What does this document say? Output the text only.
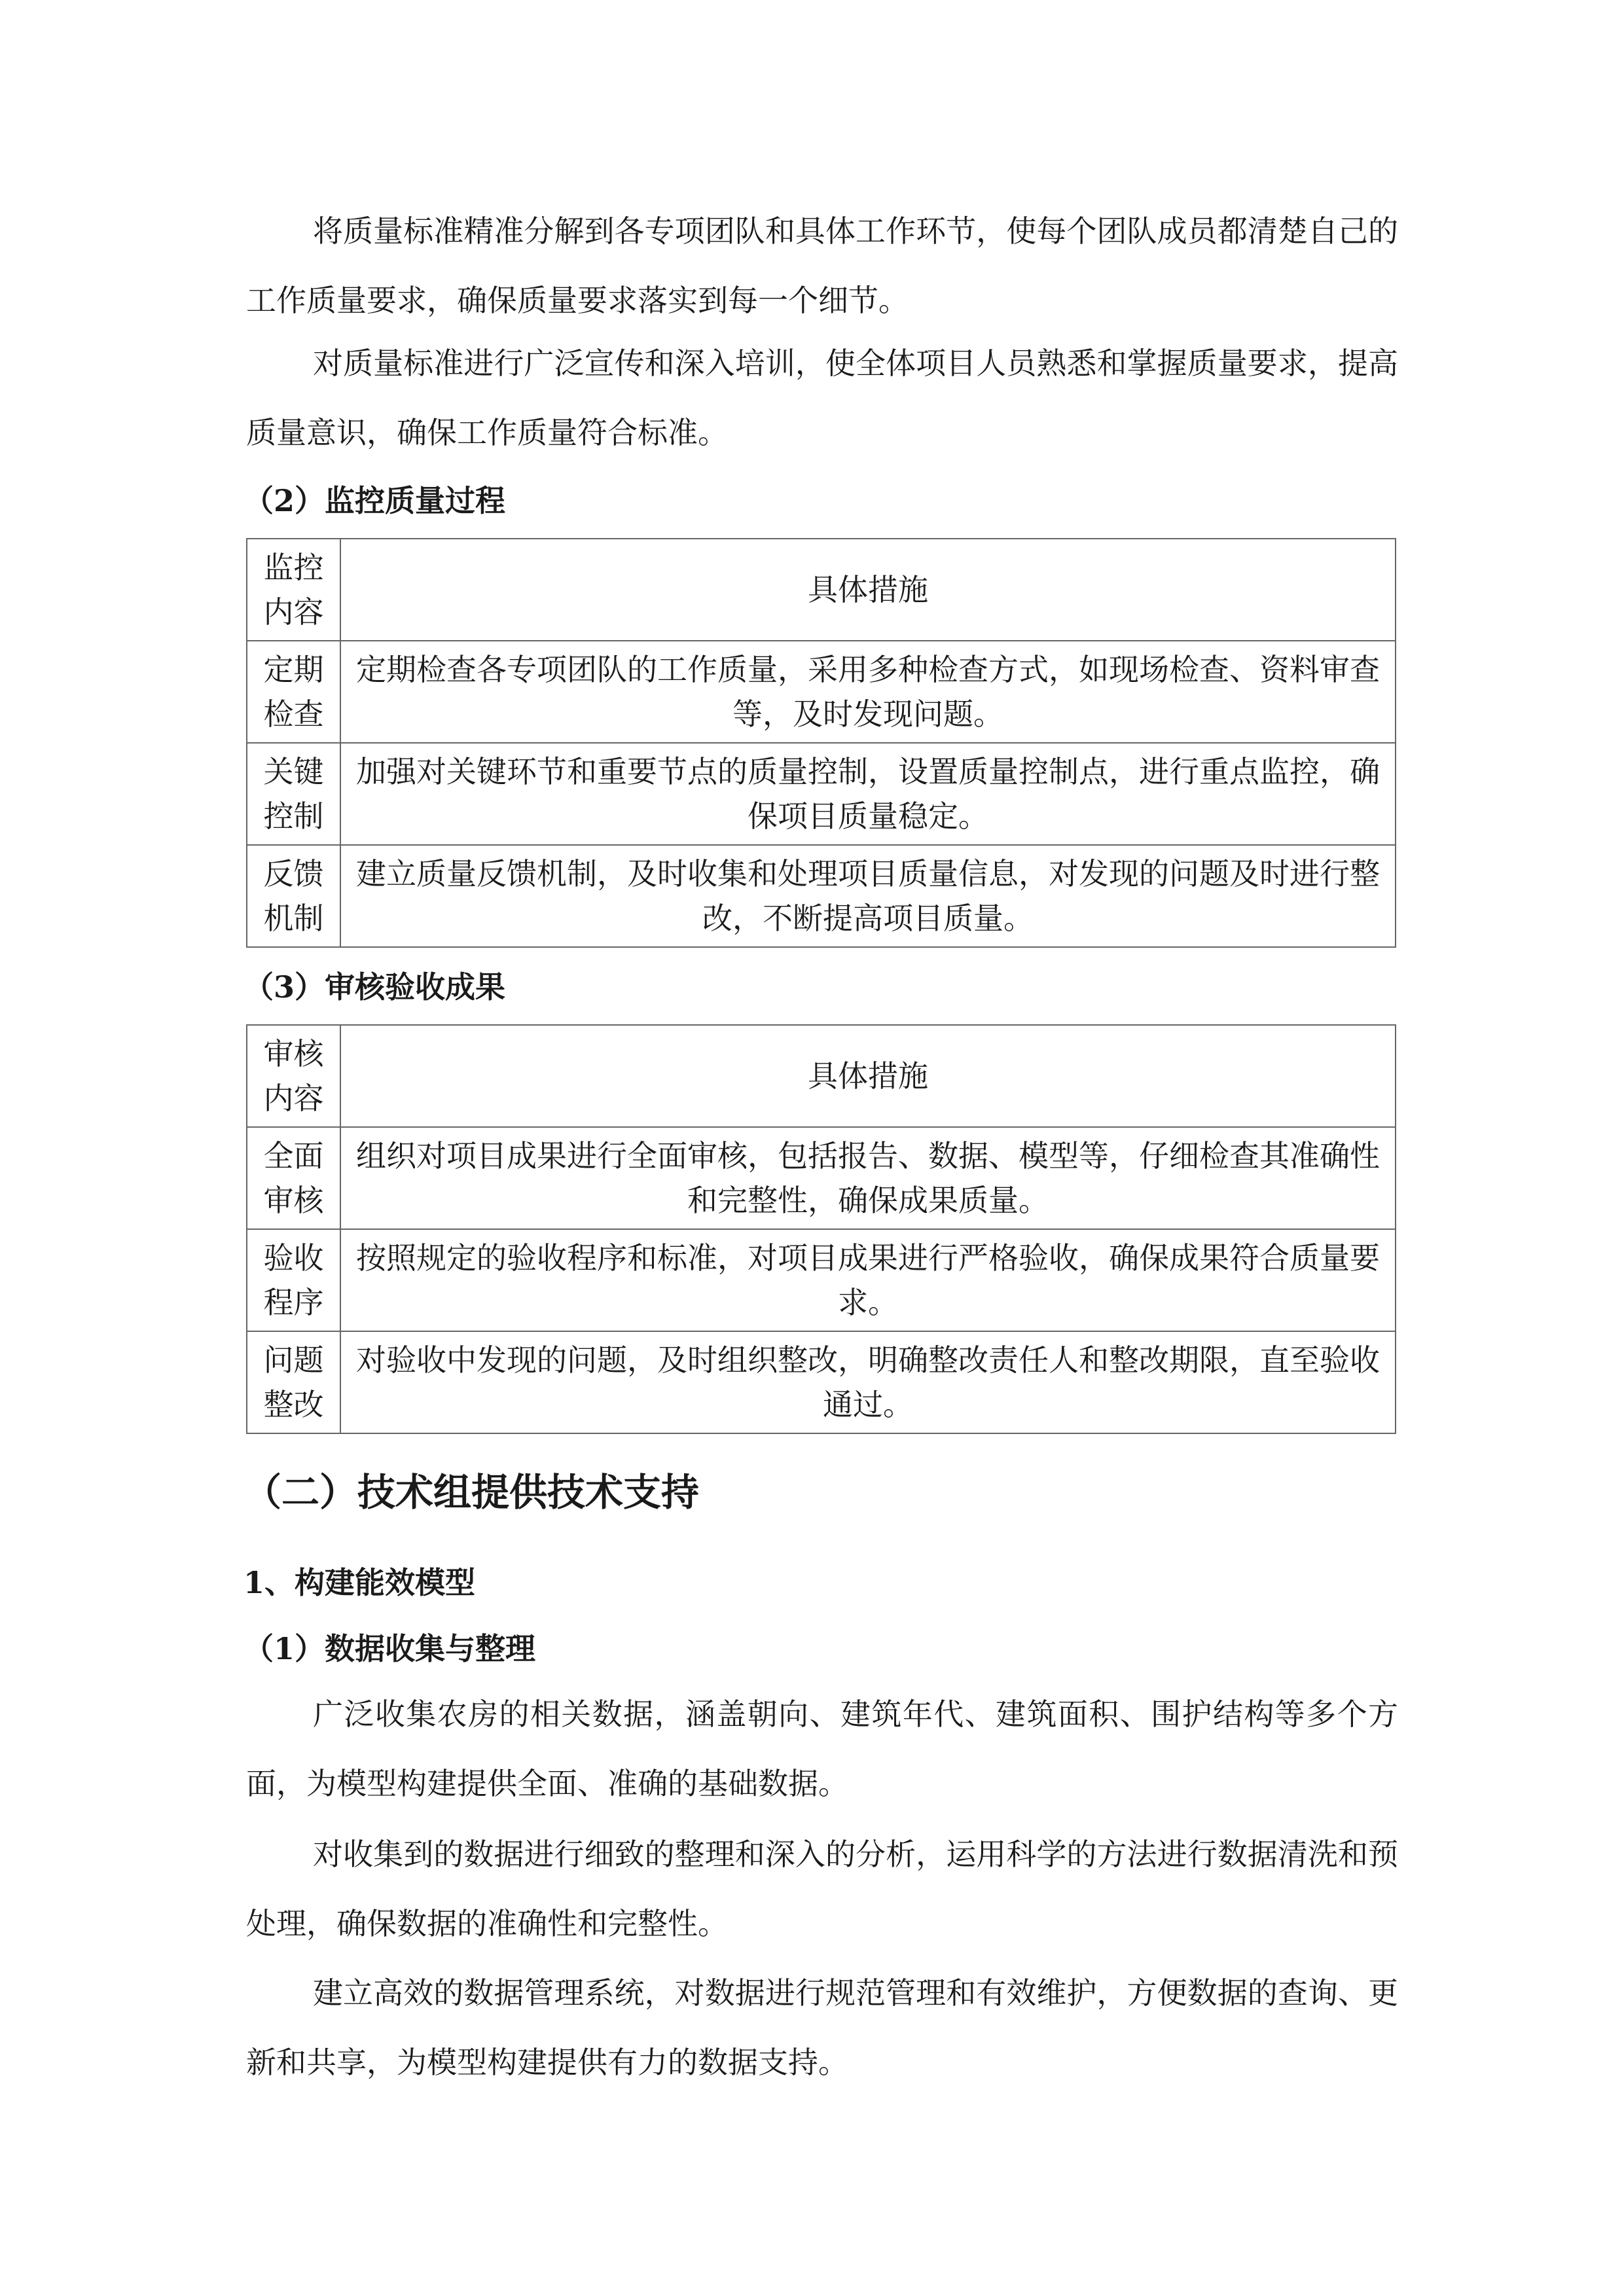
将质量标准精准分解到各专项团队和具体工作环节，使每个团队成员都清楚自己的工作质量要求，确保质量要求落实到每一个细节。

对质量标准进行广泛宣传和深入培训，使全体项目人员熟悉和掌握质量要求，提高质量意识，确保工作质量符合标准。

（2）监控质量过程
监控内容	具体措施
定期检查	定期检查各专项团队的工作质量，采用多种检查方式，如现场检查、资料审查等，及时发现问题。
关键控制	加强对关键环节和重要节点的质量控制，设置质量控制点，进行重点监控，确保项目质量稳定。
反馈机制	建立质量反馈机制，及时收集和处理项目质量信息，对发现的问题及时进行整改，不断提高项目质量。
（3）审核验收成果
审核内容	具体措施
全面审核	组织对项目成果进行全面审核，包括报告、数据、模型等，仔细检查其准确性和完整性，确保成果质量。
验收程序	按照规定的验收程序和标准，对项目成果进行严格验收，确保成果符合质量要求。
问题整改	对验收中发现的问题，及时组织整改，明确整改责任人和整改期限，直至验收通过。
（二）技术组提供技术支持
1、构建能效模型
（1）数据收集与整理

广泛收集农房的相关数据，涵盖朝向、建筑年代、建筑面积、围护结构等多个方面，为模型构建提供全面、准确的基础数据。

对收集到的数据进行细致的整理和深入的分析，运用科学的方法进行数据清洗和预处理，确保数据的准确性和完整性。

建立高效的数据管理系统，对数据进行规范管理和有效维护，方便数据的查询、更新和共享，为模型构建提供有力的数据支持。
